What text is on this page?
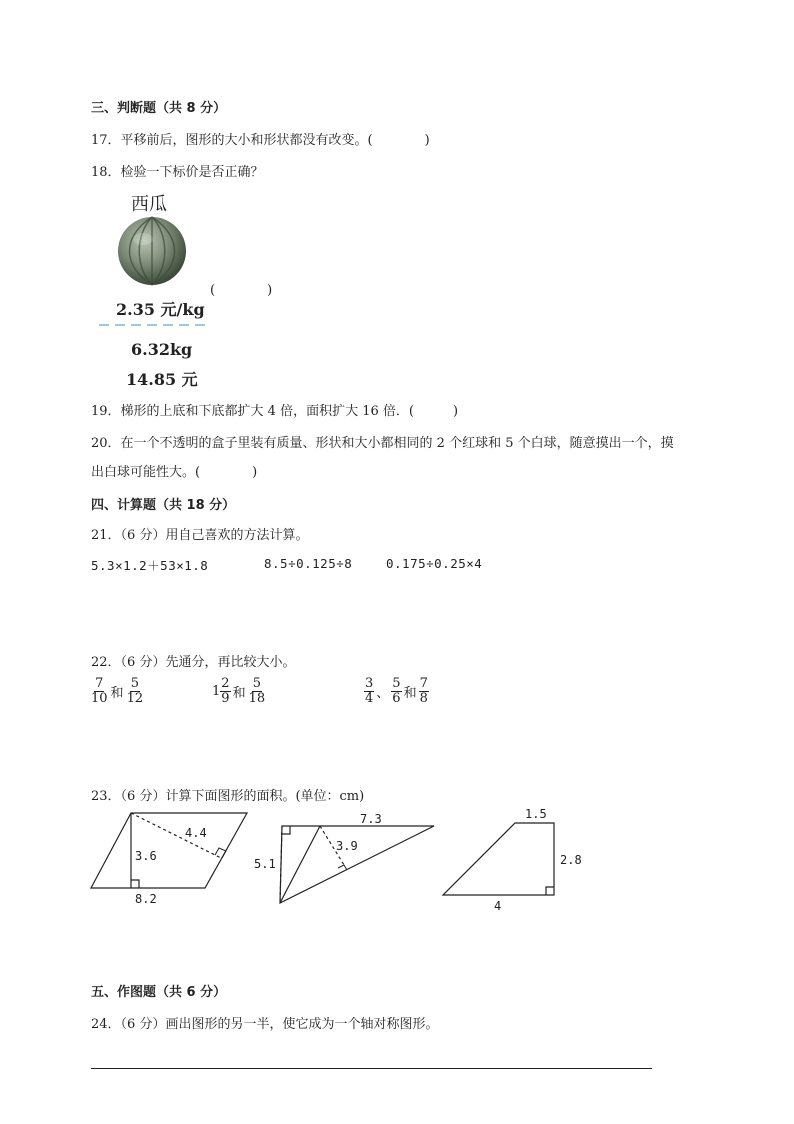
三、判断题（共 8 分）
17．平移前后，图形的大小和形状都没有改变。(　　　　)
18．检验一下标价是否正确？
西瓜
(　　　　)
2.35 元/kg
6.32kg
14.85 元
19．梯形的上底和下底都扩大 4 倍，面积扩大 16 倍．(　　　)
20．在一个不透明的盒子里装有质量、形状和大小都相同的 2 个红球和 5 个白球，随意摸出一个，摸
出白球可能性大。(　　　　)
四、计算题（共 18 分）
21．（6 分）用自己喜欢的方法计算。
5.3×1.2＋53×1.8	8.5÷0.125÷8	0.175÷0.25×4
22．（6 分）先通分，再比较大小。
$\frac{7}{10}$ 和 $\frac{5}{12}$	$1 \frac{2}{9}$ 和 $\frac{5}{18}$	$\frac{3}{4}$ 、 $\frac{5}{6}$ 和 $\frac{7}{8}$
23．（6 分）计算下面图形的面积。(单位：cm)
4.4
3.6
8.2
7.3
3.9
5.1
1.5
2.8
4
五、作图题（共 6 分）
24．（6 分）画出图形的另一半，使它成为一个轴对称图形。
